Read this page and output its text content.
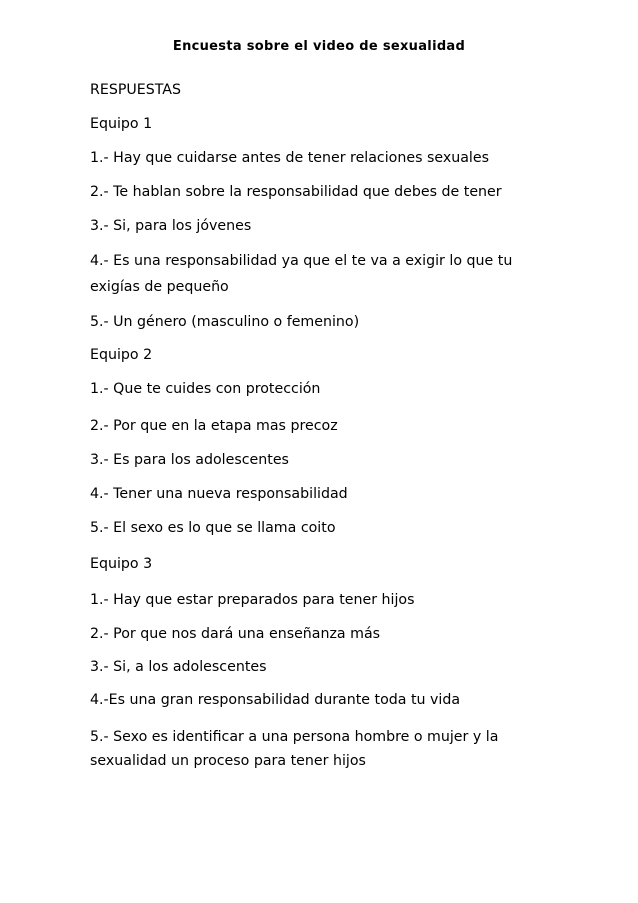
Encuesta sobre el video de sexualidad
RESPUESTAS
Equipo 1
1.- Hay que cuidarse antes de tener relaciones sexuales
2.- Te hablan sobre la responsabilidad que debes de tener
3.- Si, para los jóvenes
4.- Es una responsabilidad ya que el te va a exigir lo que tu
exigías de pequeño
5.- Un género (masculino o femenino)
Equipo 2
1.- Que te cuides con protección
2.- Por que en la etapa mas precoz
3.- Es para los adolescentes
4.- Tener una nueva responsabilidad
5.- El sexo es lo que se llama coito
Equipo 3
1.- Hay que estar preparados para tener hijos
2.- Por que nos dará una enseñanza más
3.- Si, a los adolescentes
4.-Es una gran responsabilidad durante toda tu vida
5.- Sexo es identificar a una persona hombre o mujer y la
sexualidad un proceso para tener hijos
